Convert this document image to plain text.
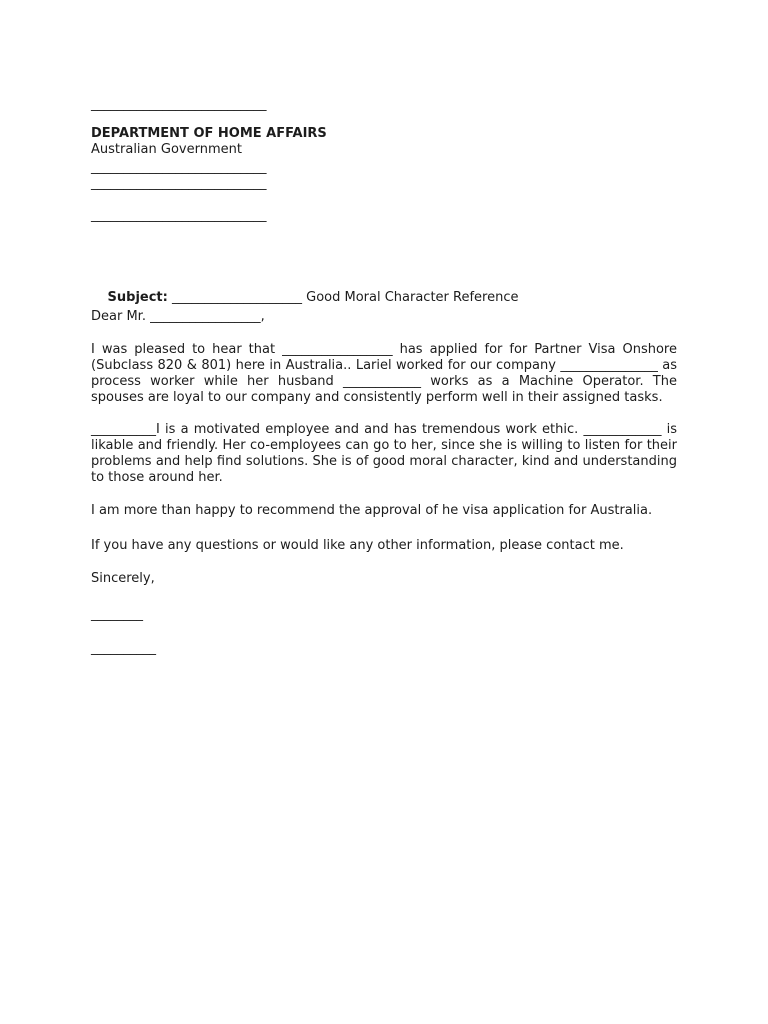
___________________________
DEPARTMENT OF HOME AFFAIRS
Australian Government
___________________________
___________________________
___________________________

Subject: ____________________ Good Moral Character Reference

Dear Mr. _________________,
I was pleased to hear that _________________ has applied for for Partner Visa Onshore (Subclass 820 & 801) here in Australia.. Lariel worked for our company _______________ as process worker while her husband ____________ works as a Machine Operator. The spouses are loyal to our company and consistently perform well in their assigned tasks.
__________I is a motivated employee and and has tremendous work ethic. ____________ is likable and friendly. Her co-employees can go to her, since she is willing to listen for their problems and help find solutions. She is of good moral character, kind and understanding to those around her.
I am more than happy to recommend the approval of he visa application for Australia.
If you have any questions or would like any other information, please contact me.
Sincerely,
________
__________
